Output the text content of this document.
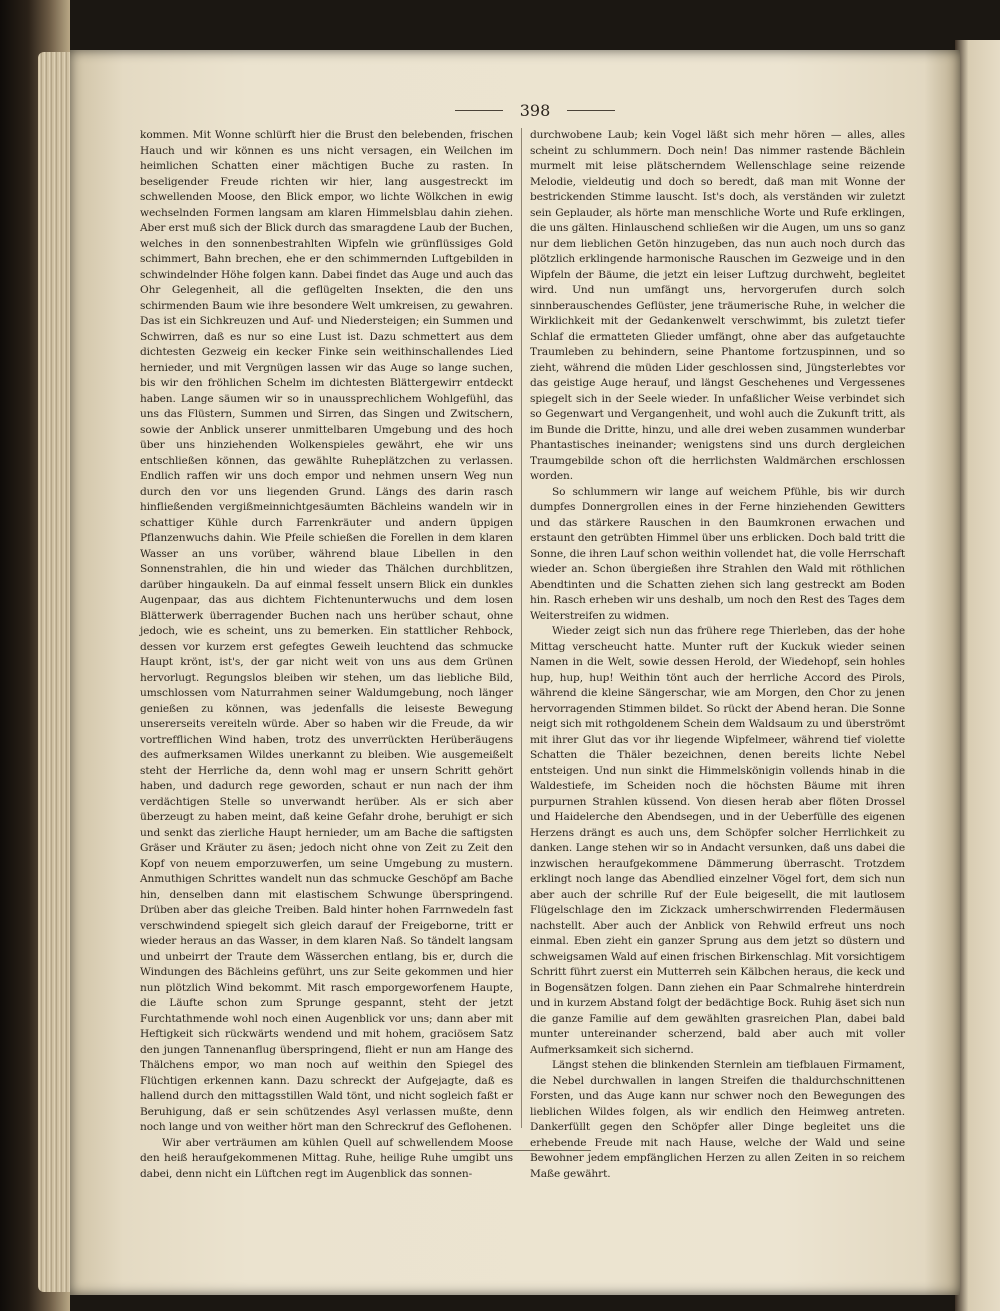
398

kommen. Mit Wonne schlürft hier die Brust den belebenden, frischen Hauch und wir können es uns nicht versagen, ein Weilchen im heimlichen Schatten einer mächtigen Buche zu rasten. In beseligender Freude richten wir hier, lang ausgestreckt im schwellenden Moose, den Blick empor, wo lichte Wölkchen in ewig wechselnden Formen langsam am klaren Himmelsblau dahin ziehen. Aber erst muß sich der Blick durch das smaragdene Laub der Buchen, welches in den sonnenbestrahlten Wipfeln wie grünflüssiges Gold schimmert, Bahn brechen, ehe er den schimmernden Luftgebilden in schwindelnder Höhe folgen kann. Dabei findet das Auge und auch das Ohr Gelegenheit, all die geflügelten Insekten, die den uns schirmenden Baum wie ihre besondere Welt umkreisen, zu gewahren. Das ist ein Sichkreuzen und Auf- und Niedersteigen; ein Summen und Schwirren, daß es nur so eine Lust ist. Dazu schmettert aus dem dichtesten Gezweig ein kecker Finke sein weithinschallendes Lied hernieder, und mit Vergnügen lassen wir das Auge so lange suchen, bis wir den fröhlichen Schelm im dichtesten Blättergewirr entdeckt haben. Lange säumen wir so in unaussprechlichem Wohlgefühl, das uns das Flüstern, Summen und Sirren, das Singen und Zwitschern, sowie der Anblick unserer unmittelbaren Umgebung und des hoch über uns hinziehenden Wolkenspieles gewährt, ehe wir uns entschließen können, das gewählte Ruheplätzchen zu verlassen. Endlich raffen wir uns doch empor und nehmen unsern Weg nun durch den vor uns liegenden Grund. Längs des darin rasch hinfließenden vergißmeinnichtgesäumten Bächleins wandeln wir in schattiger Kühle durch Farrenkräuter und andern üppigen Pflanzenwuchs dahin. Wie Pfeile schießen die Forellen in dem klaren Wasser an uns vorüber, während blaue Libellen in den Sonnenstrahlen, die hin und wieder das Thälchen durchblitzen, darüber hingaukeln. Da auf einmal fesselt unsern Blick ein dunkles Augenpaar, das aus dichtem Fichtenunterwuchs und dem losen Blätterwerk überragender Buchen nach uns herüber schaut, ohne jedoch, wie es scheint, uns zu bemerken. Ein stattlicher Rehbock, dessen vor kurzem erst gefegtes Geweih leuchtend das schmucke Haupt krönt, ist's, der gar nicht weit von uns aus dem Grünen hervorlugt. Regungslos bleiben wir stehen, um das liebliche Bild, umschlossen vom Naturrahmen seiner Waldumgebung, noch länger genießen zu können, was jedenfalls die leiseste Bewegung unsererseits vereiteln würde. Aber so haben wir die Freude, da wir vortrefflichen Wind haben, trotz des unverrückten Herüberäugens des aufmerksamen Wildes unerkannt zu bleiben. Wie ausgemeißelt steht der Herrliche da, denn wohl mag er unsern Schritt gehört haben, und dadurch rege geworden, schaut er nun nach der ihm verdächtigen Stelle so unverwandt herüber. Als er sich aber überzeugt zu haben meint, daß keine Gefahr drohe, beruhigt er sich und senkt das zierliche Haupt hernieder, um am Bache die saftigsten Gräser und Kräuter zu äsen; jedoch nicht ohne von Zeit zu Zeit den Kopf von neuem emporzuwerfen, um seine Umgebung zu mustern. Anmuthigen Schrittes wandelt nun das schmucke Geschöpf am Bache hin, denselben dann mit elastischem Schwunge überspringend. Drüben aber das gleiche Treiben. Bald hinter hohen Farrnwedeln fast verschwindend spiegelt sich gleich darauf der Freigeborne, tritt er wieder heraus an das Wasser, in dem klaren Naß. So tändelt langsam und unbeirrt der Traute dem Wässerchen entlang, bis er, durch die Windungen des Bächleins geführt, uns zur Seite gekommen und hier nun plötzlich Wind bekommt. Mit rasch emporgeworfenem Haupte, die Läufte schon zum Sprunge gespannt, steht der jetzt Furchtathmende wohl noch einen Augenblick vor uns; dann aber mit Heftigkeit sich rückwärts wendend und mit hohem, graciösem Satz den jungen Tannenanflug überspringend, flieht er nun am Hange des Thälchens empor, wo man noch auf weithin den Spiegel des Flüchtigen erkennen kann. Dazu schreckt der Aufgejagte, daß es hallend durch den mittagsstillen Wald tönt, und nicht sogleich faßt er Beruhigung, daß er sein schützendes Asyl verlassen mußte, denn noch lange und von weither hört man den Schreckruf des Geflohenen.

Wir aber verträumen am kühlen Quell auf schwellendem Moose den heiß heraufgekommenen Mittag. Ruhe, heilige Ruhe umgibt uns dabei, denn nicht ein Lüftchen regt im Augenblick das sonnen-

durchwobene Laub; kein Vogel läßt sich mehr hören — alles, alles scheint zu schlummern. Doch nein! Das nimmer rastende Bächlein murmelt mit leise plätscherndem Wellenschlage seine reizende Melodie, vieldeutig und doch so beredt, daß man mit Wonne der bestrickenden Stimme lauscht. Ist's doch, als verständen wir zuletzt sein Geplauder, als hörte man menschliche Worte und Rufe erklingen, die uns gälten. Hinlauschend schließen wir die Augen, um uns so ganz nur dem lieblichen Getön hinzugeben, das nun auch noch durch das plötzlich erklingende harmonische Rauschen im Gezweige und in den Wipfeln der Bäume, die jetzt ein leiser Luftzug durchweht, begleitet wird. Und nun umfängt uns, hervorgerufen durch solch sinnberauschendes Geflüster, jene träumerische Ruhe, in welcher die Wirklichkeit mit der Gedankenwelt verschwimmt, bis zuletzt tiefer Schlaf die ermatteten Glieder umfängt, ohne aber das aufgetauchte Traumleben zu behindern, seine Phantome fortzuspinnen, und so zieht, während die müden Lider geschlossen sind, Jüngsterlebtes vor das geistige Auge herauf, und längst Geschehenes und Vergessenes spiegelt sich in der Seele wieder. In unfaßlicher Weise verbindet sich so Gegenwart und Vergangenheit, und wohl auch die Zukunft tritt, als im Bunde die Dritte, hinzu, und alle drei weben zusammen wunderbar Phantastisches ineinander; wenigstens sind uns durch dergleichen Traumgebilde schon oft die herrlichsten Waldmärchen erschlossen worden.

So schlummern wir lange auf weichem Pfühle, bis wir durch dumpfes Donnergrollen eines in der Ferne hinziehenden Gewitters und das stärkere Rauschen in den Baumkronen erwachen und erstaunt den getrübten Himmel über uns erblicken. Doch bald tritt die Sonne, die ihren Lauf schon weithin vollendet hat, die volle Herrschaft wieder an. Schon übergießen ihre Strahlen den Wald mit röthlichen Abendtinten und die Schatten ziehen sich lang gestreckt am Boden hin. Rasch erheben wir uns deshalb, um noch den Rest des Tages dem Weiterstreifen zu widmen.

Wieder zeigt sich nun das frühere rege Thierleben, das der hohe Mittag verscheucht hatte. Munter ruft der Kuckuk wieder seinen Namen in die Welt, sowie dessen Herold, der Wiedehopf, sein hohles hup, hup, hup! Weithin tönt auch der herrliche Accord des Pirols, während die kleine Sängerschar, wie am Morgen, den Chor zu jenen hervorragenden Stimmen bildet. So rückt der Abend heran. Die Sonne neigt sich mit rothgoldenem Schein dem Waldsaum zu und überströmt mit ihrer Glut das vor ihr liegende Wipfelmeer, während tief violette Schatten die Thäler bezeichnen, denen bereits lichte Nebel entsteigen. Und nun sinkt die Himmelskönigin vollends hinab in die Waldestiefe, im Scheiden noch die höchsten Bäume mit ihren purpurnen Strahlen küssend. Von diesen herab aber flöten Drossel und Haidelerche den Abendsegen, und in der Ueberfülle des eigenen Herzens drängt es auch uns, dem Schöpfer solcher Herrlichkeit zu danken. Lange stehen wir so in Andacht versunken, daß uns dabei die inzwischen heraufgekommene Dämmerung überrascht. Trotzdem erklingt noch lange das Abendlied einzelner Vögel fort, dem sich nun aber auch der schrille Ruf der Eule beigesellt, die mit lautlosem Flügelschlage den im Zickzack umherschwirrenden Fledermäusen nachstellt. Aber auch der Anblick von Rehwild erfreut uns noch einmal. Eben zieht ein ganzer Sprung aus dem jetzt so düstern und schweigsamen Wald auf einen frischen Birkenschlag. Mit vorsichtigem Schritt führt zuerst ein Mutterreh sein Kälbchen heraus, die keck und in Bogensätzen folgen. Dann ziehen ein Paar Schmalrehe hinterdrein und in kurzem Abstand folgt der bedächtige Bock. Ruhig äset sich nun die ganze Familie auf dem gewählten grasreichen Plan, dabei bald munter untereinander scherzend, bald aber auch mit voller Aufmerksamkeit sich sichernd.

Längst stehen die blinkenden Sternlein am tiefblauen Firmament, die Nebel durchwallen in langen Streifen die thaldurchschnittenen Forsten, und das Auge kann nur schwer noch den Bewegungen des lieblichen Wildes folgen, als wir endlich den Heimweg antreten. Dankerfüllt gegen den Schöpfer aller Dinge begleitet uns die erhebende Freude mit nach Hause, welche der Wald und seine Bewohner jedem empfänglichen Herzen zu allen Zeiten in so reichem Maße gewährt.
